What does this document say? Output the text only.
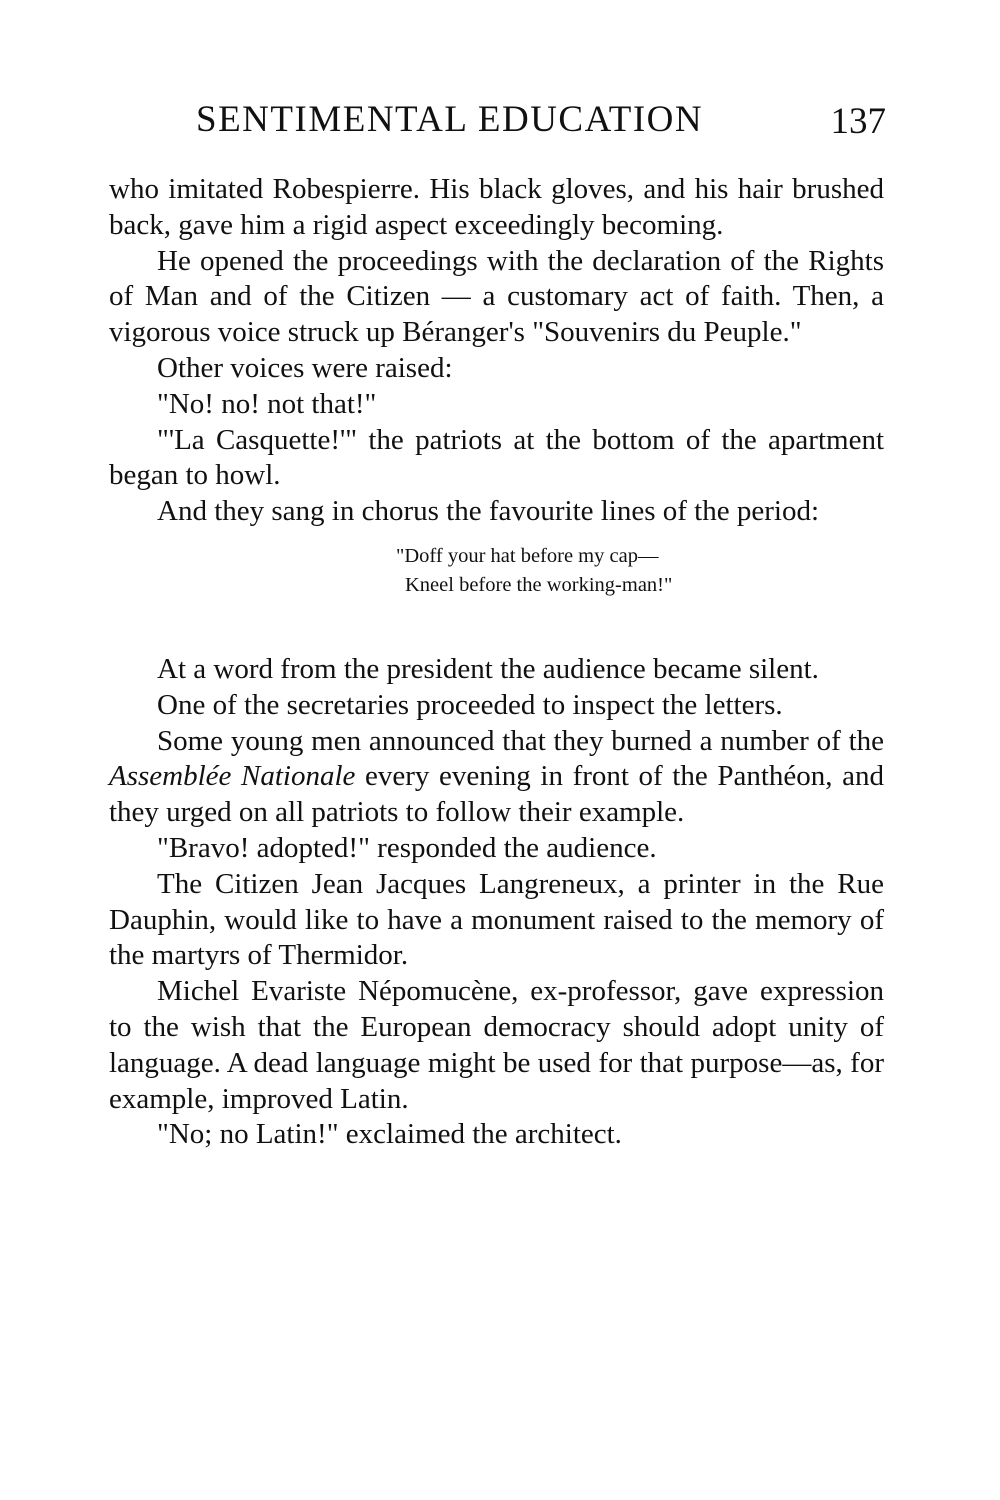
SENTIMENTAL EDUCATION	137

who imitated Robespierre. His black gloves, and his hair brushed back, gave him a rigid aspect exceedingly becoming.

He opened the proceedings with the declaration of the Rights of Man and of the Citizen — a customary act of faith. Then, a vigorous voice struck up Béranger's "Souvenirs du Peuple."

Other voices were raised:

"No! no! not that!"

"'La Casquette!'" the patriots at the bottom of the apartment began to howl.

And they sang in chorus the favourite lines of the period:

"Doff your hat before my cap—
Kneel before the working-man!"

At a word from the president the audience became silent.

One of the secretaries proceeded to inspect the letters.

Some young men announced that they burned a number of the Assemblée Nationale every evening in front of the Panthéon, and they urged on all patriots to follow their example.

"Bravo! adopted!" responded the audience.

The Citizen Jean Jacques Langreneux, a printer in the Rue Dauphin, would like to have a monument raised to the memory of the martyrs of Thermidor.

Michel Evariste Népomucène, ex-professor, gave expression to the wish that the European democracy should adopt unity of language. A dead language might be used for that purpose—as, for example, improved Latin.

"No; no Latin!" exclaimed the architect.
